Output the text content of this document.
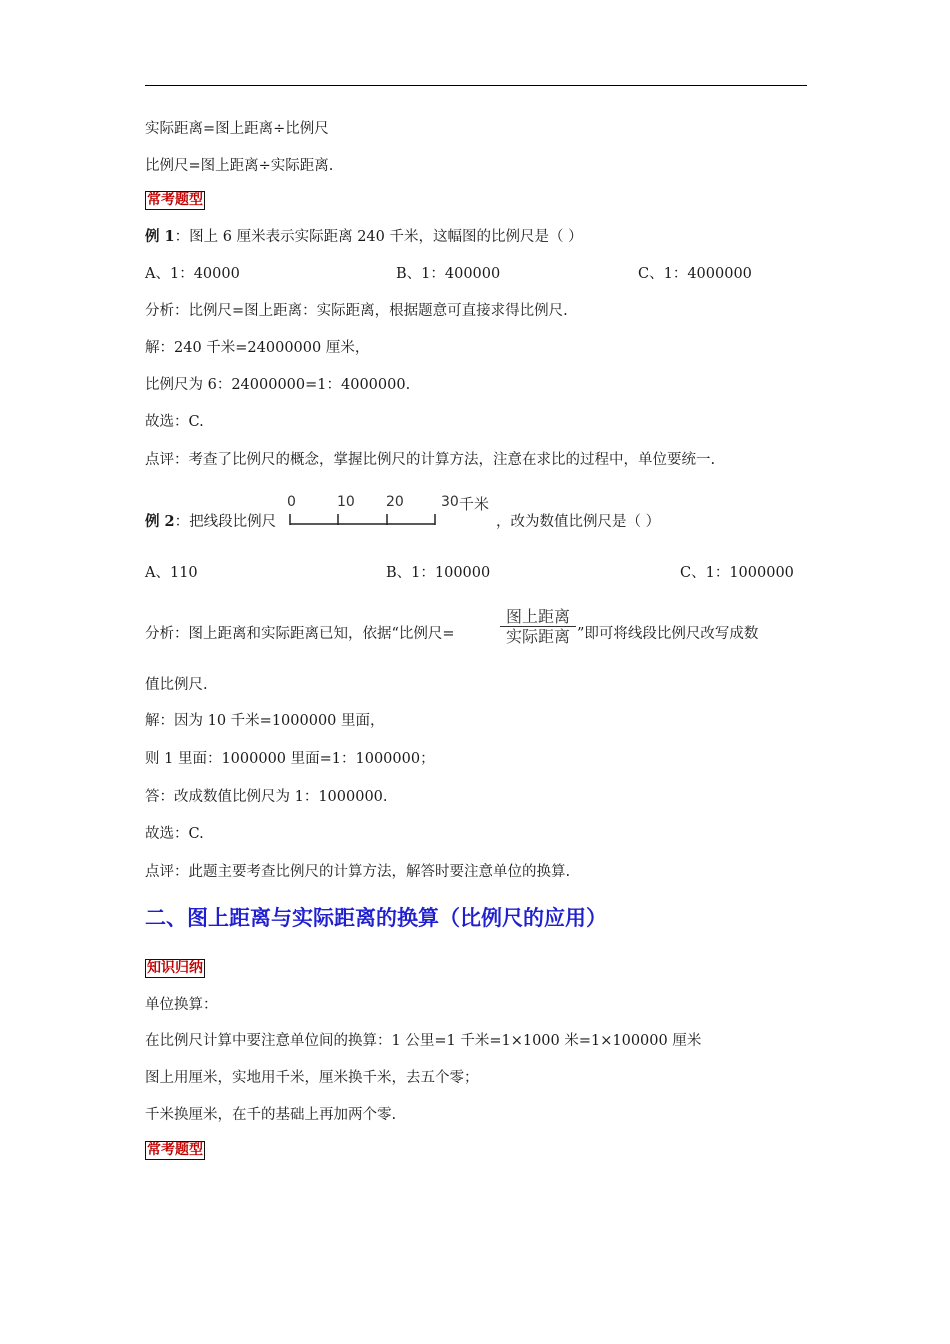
实际距离=图上距离÷比例尺
比例尺=图上距离÷实际距离.
常考题型
例 1：图上 6 厘米表示实际距离 240 千米，这幅图的比例尺是（ ）
A、1：40000	B、1：400000	C、1：4000000
分析：比例尺=图上距离：实际距离，根据题意可直接求得比例尺.
解：240 千米=24000000 厘米，
比例尺为 6：24000000=1：4000000.
故选：C.
点评：考查了比例尺的概念，掌握比例尺的计算方法，注意在求比的过程中，单位要统一.
例 2：把线段比例尺
0	10 20	30 千米
，改为数值比例尺是（ ）
A、110	B、1：100000	C、1：1000000
分析：图上距离和实际距离已知，依据“比例尺=
图上距离
实际距离 ”即可将线段比例尺改写成数
值比例尺.
解：因为 10 千米=1000000 里面，
则 1 里面：1000000 里面=1：1000000；
答：改成数值比例尺为 1：1000000.
故选：C.
点评：此题主要考查比例尺的计算方法，解答时要注意单位的换算.
二、图上距离与实际距离的换算（比例尺的应用）
知识归纳
单位换算：
在比例尺计算中要注意单位间的换算：1 公里=1 千米=1×1000 米=1×100000 厘米
图上用厘米，实地用千米，厘米换千米，去五个零；
千米换厘米，在千的基础上再加两个零.
常考题型
